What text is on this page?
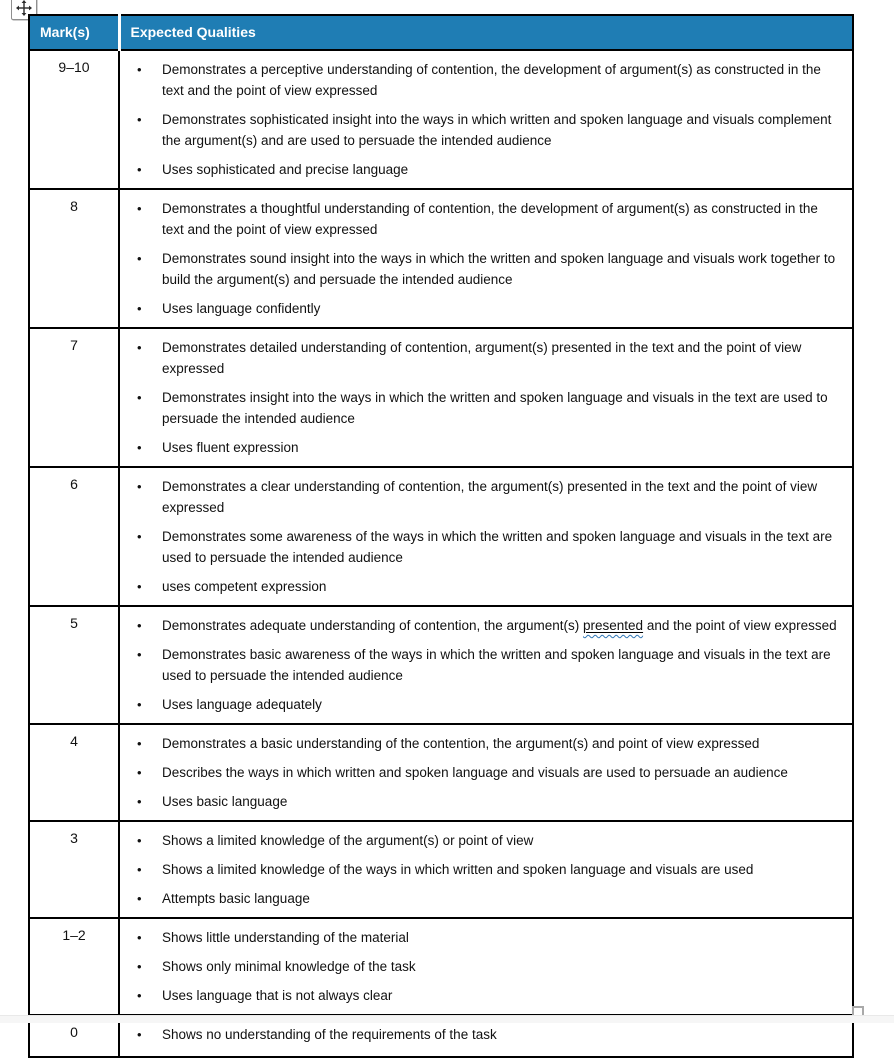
Mark(s)	Expected Qualities
9–10	•	Demonstrates a perceptive understanding of contention, the development of argument(s) as constructed in the text and the point of view expressed
•	Demonstrates sophisticated insight into the ways in which written and spoken language and visuals complement the argument(s) and are used to persuade the intended audience
•	Uses sophisticated and precise language

8	•	Demonstrates a thoughtful understanding of contention, the development of argument(s) as constructed in the text and the point of view expressed
•	Demonstrates sound insight into the ways in which the written and spoken language and visuals work together to build the argument(s) and persuade the intended audience
•	Uses language confidently

7	•	Demonstrates detailed understanding of contention, argument(s) presented in the text and the point of view expressed
•	Demonstrates insight into the ways in which the written and spoken language and visuals in the text are used to persuade the intended audience
•	Uses fluent expression

6	•	Demonstrates a clear understanding of contention, the argument(s) presented in the text and the point of view expressed
•	Demonstrates some awareness of the ways in which the written and spoken language and visuals in the text are used to persuade the intended audience
•	uses competent expression

5	•	Demonstrates adequate understanding of contention, the argument(s) presented and the point of view expressed
•	Demonstrates basic awareness of the ways in which the written and spoken language and visuals in the text are used to persuade the intended audience
•	Uses language adequately

4	•	Demonstrates a basic understanding of the contention, the argument(s) and point of view expressed
•	Describes the ways in which written and spoken language and visuals are used to persuade an audience
•	Uses basic language

3	•	Shows a limited knowledge of the argument(s) or point of view
•	Shows a limited knowledge of the ways in which written and spoken language and visuals are used
•	Attempts basic language

1–2	•	Shows little understanding of the material
•	Shows only minimal knowledge of the task
•	Uses language that is not always clear

0	• Shows no understanding of the requirements of the task
